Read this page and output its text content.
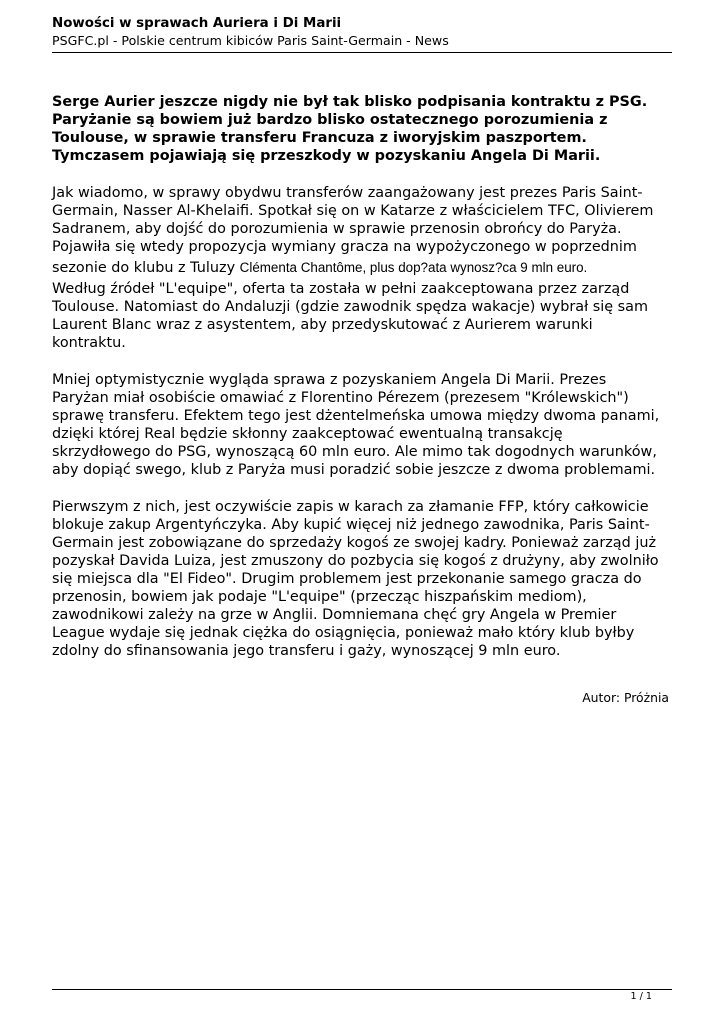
Nowości w sprawach Auriera i Di Marii
PSGFC.pl - Polskie centrum kibiców Paris Saint-Germain - News
Serge Aurier jeszcze nigdy nie był tak blisko podpisania kontraktu z PSG.
Paryżanie są bowiem już bardzo blisko ostatecznego porozumienia z
Toulouse, w sprawie transferu Francuza z iworyjskim paszportem.
Tymczasem pojawiają się przeszkody w pozyskaniu Angela Di Marii.
Jak wiadomo, w sprawy obydwu transferów zaangażowany jest prezes Paris Saint-
Germain, Nasser Al-Khelaifi. Spotkał się on w Katarze z właścicielem TFC, Olivierem
Sadranem, aby dojść do porozumienia w sprawie przenosin obrońcy do Paryża.
Pojawiła się wtedy propozycja wymiany gracza na wypożyczonego w poprzednim
sezonie do klubu z Tuluzy Clémenta Chantôme, plus dop?ata wynosz?ca 9 mln euro.
Według źródeł "L'equipe", oferta ta została w pełni zaakceptowana przez zarząd
Toulouse. Natomiast do Andaluzji (gdzie zawodnik spędza wakacje) wybrał się sam
Laurent Blanc wraz z asystentem, aby przedyskutować z Aurierem warunki
kontraktu.
Mniej optymistycznie wygląda sprawa z pozyskaniem Angela Di Marii. Prezes
Paryżan miał osobiście omawiać z Florentino Pérezem (prezesem "Królewskich")
sprawę transferu. Efektem tego jest dżentelmeńska umowa między dwoma panami,
dzięki której Real będzie skłonny zaakceptować ewentualną transakcję
skrzydłowego do PSG, wynoszącą 60 mln euro. Ale mimo tak dogodnych warunków,
aby dopiąć swego, klub z Paryża musi poradzić sobie jeszcze z dwoma problemami.
Pierwszym z nich, jest oczywiście zapis w karach za złamanie FFP, który całkowicie
blokuje zakup Argentyńczyka. Aby kupić więcej niż jednego zawodnika, Paris Saint-
Germain jest zobowiązane do sprzedaży kogoś ze swojej kadry. Ponieważ zarząd już
pozyskał Davida Luiza, jest zmuszony do pozbycia się kogoś z drużyny, aby zwolniło
się miejsca dla "El Fideo". Drugim problemem jest przekonanie samego gracza do
przenosin, bowiem jak podaje "L'equipe" (przecząc hiszpańskim mediom),
zawodnikowi zależy na grze w Anglii. Domniemana chęć gry Angela w Premier
League wydaje się jednak ciężka do osiągnięcia, ponieważ mało który klub byłby
zdolny do sfinansowania jego transferu i gaży, wynoszącej 9 mln euro.
Autor: Próżnia
1 / 1
